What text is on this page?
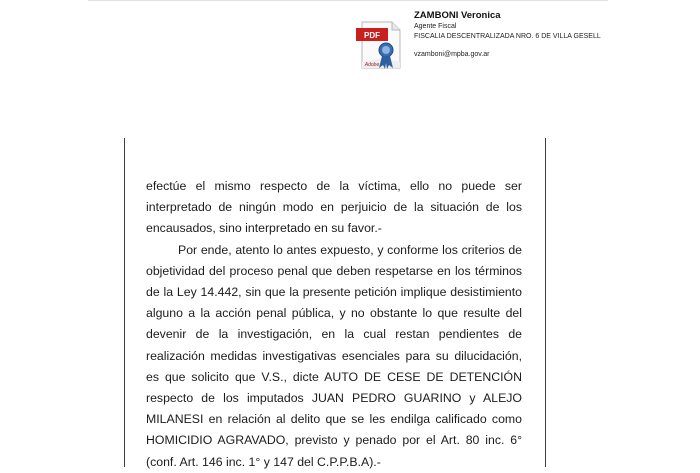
PDF
Adobe
ZAMBONI Veronica
Agente Fiscal
FISCALIA DESCENTRALIZADA NRO. 6 DE VILLA GESELL
vzamboni@mpba.gov.ar

efectúe el mismo respecto de la víctima, ello no puede ser interpretado de ningún modo en perjuicio de la situación de los encausados, sino interpretado en su favor.-

Por ende, atento lo antes expuesto, y conforme los criterios de objetividad del proceso penal que deben respetarse en los términos de la Ley 14.442, sin que la presente petición implique desistimiento alguno a la acción penal pública, y no obstante lo que resulte del devenir de la investigación, en la cual restan pendientes de realización medidas investigativas esenciales para su dilucidación, es que solicito que V.S., dicte AUTO DE CESE DE DETENCIÓN respecto de los imputados JUAN PEDRO GUARINO y ALEJO MILANESI en relación al delito que se les endilga calificado como HOMICIDIO AGRAVADO, previsto y penado por el Art. 80 inc. 6° (conf. Art. 146 inc. 1° y 147 del C.P.P.B.A).-
